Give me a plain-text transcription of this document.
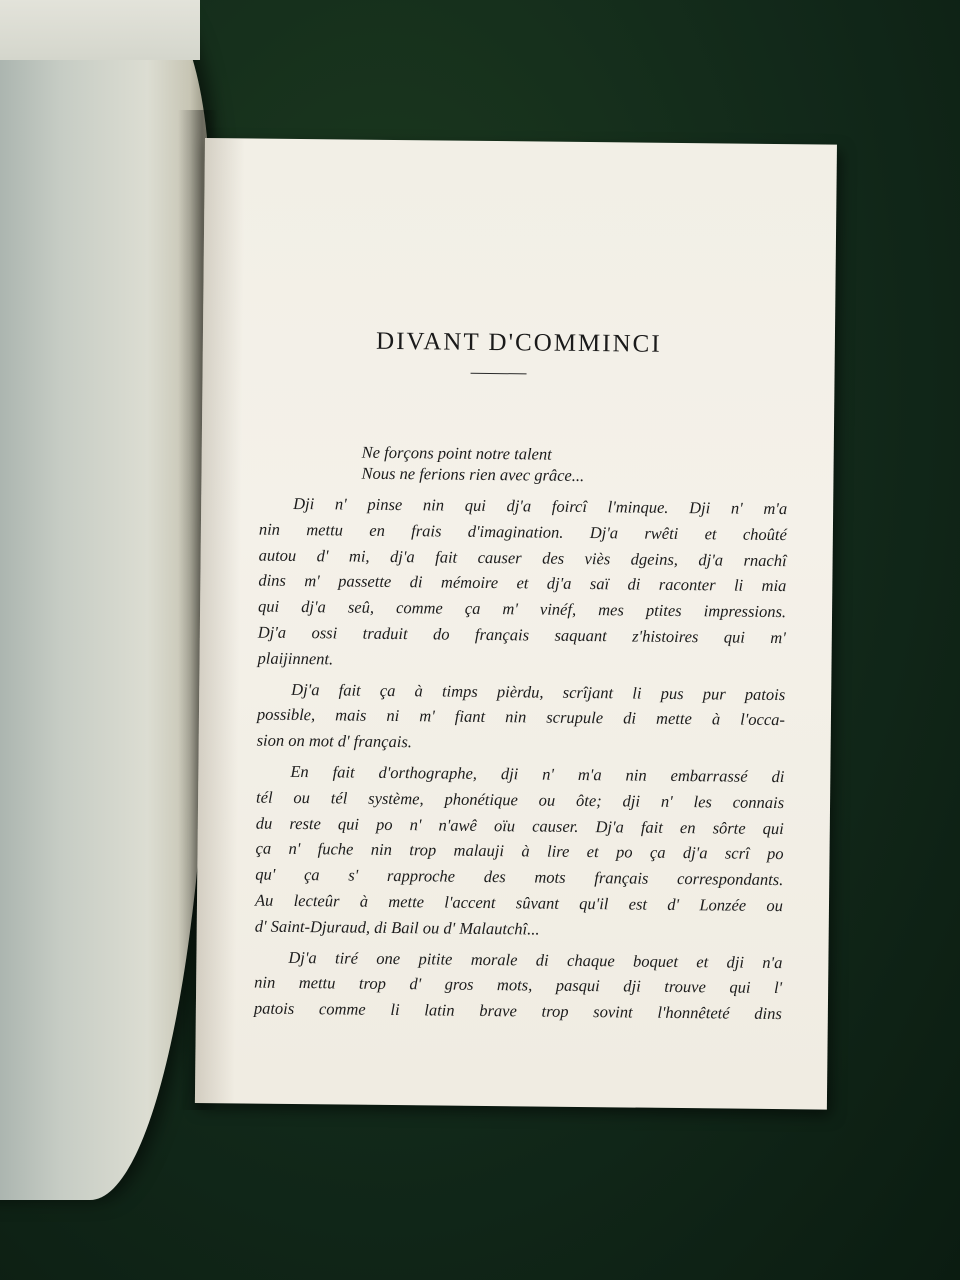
DIVANT D'COMMINCI
Ne forçons point notre talent
Nous ne ferions rien avec grâce...
Dji n' pinse nin qui dj'a foircî l'minque. Dji n' m'a
nin mettu en frais d'imagination. Dj'a rwêti et choûté
autou d' mi, dj'a fait causer des viès dgeins, dj'a rnachî
dins m' passette di mémoire et dj'a saï di raconter li mia
qui dj'a seû, comme ça m' vinéf, mes ptites impressions.
Dj'a ossi traduit do français saquant z'histoires qui m'
plaijinnent.
Dj'a fait ça à timps pièrdu, scrîjant li pus pur patois
possible, mais ni m' fiant nin scrupule di mette à l'occa-
sion on mot d' français.
En fait d'orthographe, dji n' m'a nin embarrassé di
tél ou tél système, phonétique ou ôte; dji n' les connais
du reste qui po n' n'awê oïu causer. Dj'a fait en sôrte qui
ça n' fuche nin trop malauji à lire et po ça dj'a scrî po
qu' ça s' rapproche des mots français correspondants.
Au lecteûr à mette l'accent sûvant qu'il est d' Lonzée ou
d' Saint-Djuraud, di Bail ou d' Malautchî...
Dj'a tiré one pitite morale di chaque boquet et dji n'a
nin mettu trop d' gros mots, pasqui dji trouve qui l'
patois comme li latin brave trop sovint l'honnêteté dins
